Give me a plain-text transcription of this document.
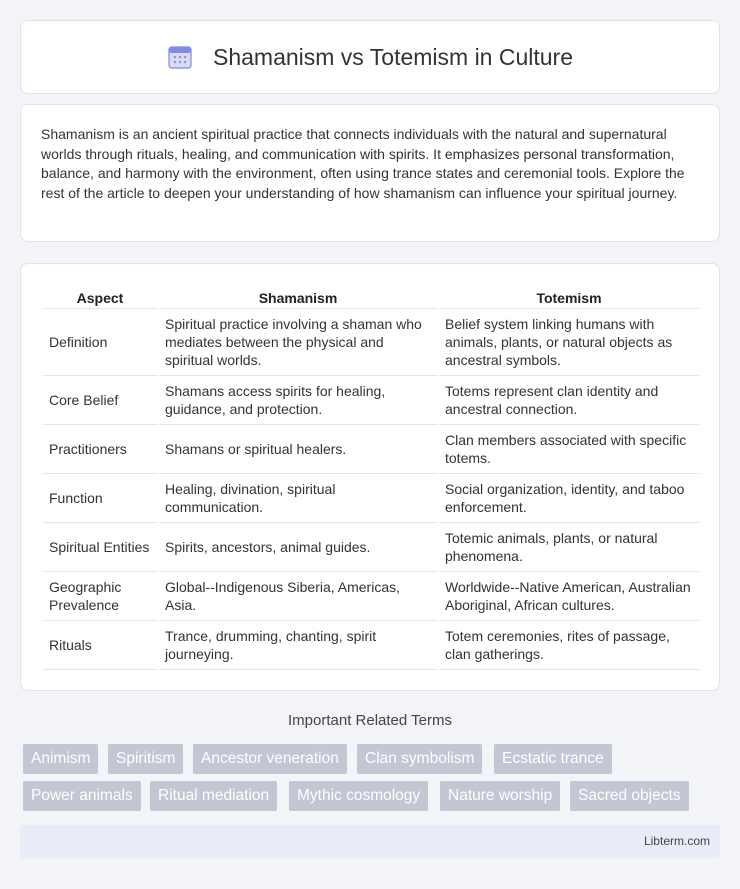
Shamanism vs Totemism in Culture

Shamanism is an ancient spiritual practice that connects individuals with the natural and supernatural worlds through rituals, healing, and communication with spirits. It emphasizes personal transformation, balance, and harmony with the environment, often using trance states and ceremonial tools. Explore the rest of the article to deepen your understanding of how shamanism can influence your spiritual journey.

Aspect	Shamanism	Totemism
Definition	Spiritual practice involving a shaman who mediates between the physical and spiritual worlds.	Belief system linking humans with animals, plants, or natural objects as ancestral symbols.
Core Belief	Shamans access spirits for healing, guidance, and protection.	Totems represent clan identity and ancestral connection.
Practitioners	Shamans or spiritual healers.	Clan members associated with specific totems.
Function	Healing, divination, spiritual communication.	Social organization, identity, and taboo enforcement.
Spiritual Entities	Spirits, ancestors, animal guides.	Totemic animals, plants, or natural phenomena.
Geographic Prevalence	Global--Indigenous Siberia, Americas, Asia.	Worldwide--Native American, Australian Aboriginal, African cultures.
Rituals	Trance, drumming, chanting, spirit journeying.	Totem ceremonies, rites of passage, clan gatherings.
Important Related Terms
Animism	Spiritism	Ancestor veneration	Clan symbolism	Ecstatic trance
Power animals	Ritual mediation	Mythic cosmology	Nature worship	Sacred objects
Libterm.com
